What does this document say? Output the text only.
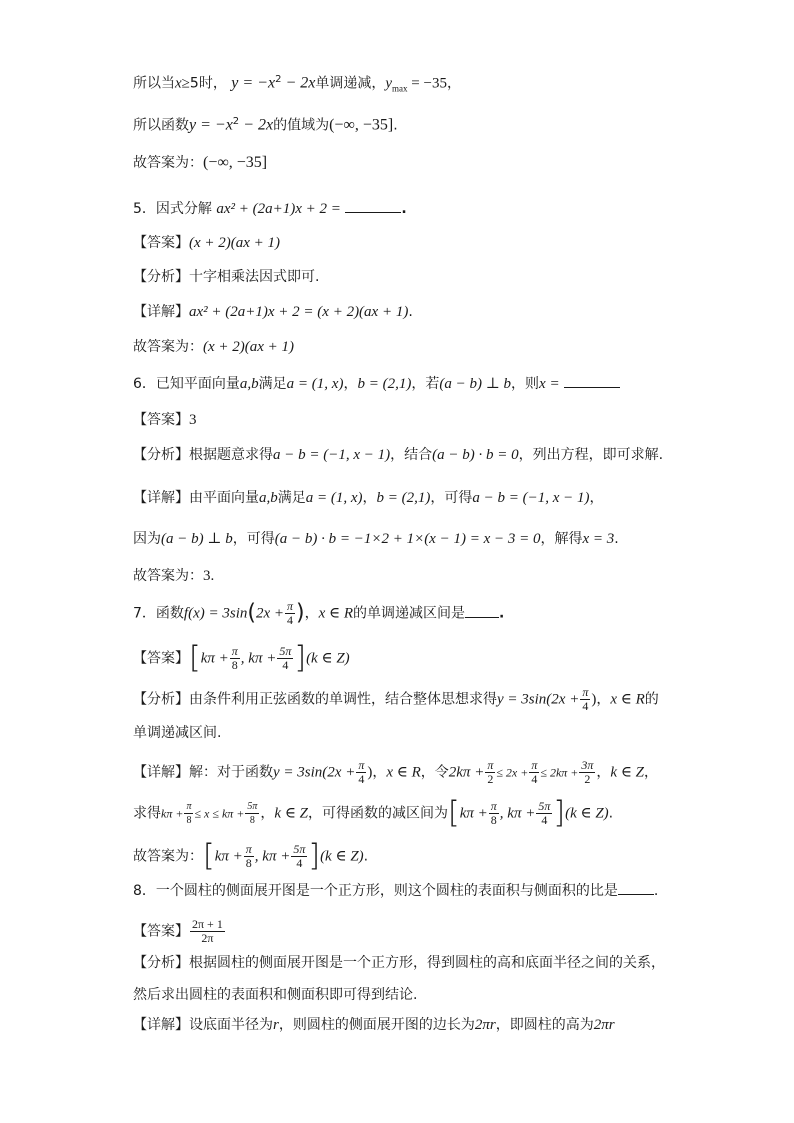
所以当x≥5时， $y = -x^2 - 2x$单调递减，$y_{max} = -35$，
所以函数$y = -x^2 - 2x$的值域为(−∞, −35].
故答案为：(−∞, −35]
5．因式分解 ax² + (2a+1)x + 2 =	.
【答案】(x + 2)(ax + 1)
【分析】十字相乘法因式即可.
【详解】ax² + (2a+1)x + 2 = (x + 2)(ax + 1).
故答案为：(x + 2)(ax + 1)
6．已知平面向量a,b满足a = (1, x)，b = (2,1)，若(a − b) ⊥ b，则x =
【答案】3
【分析】根据题意求得a − b = (−1, x − 1)，结合(a − b) · b = 0，列出方程，即可求解.
【详解】由平面向量a,b满足a = (1, x)，b = (2,1)，可得a − b = (−1, x − 1)，
因为(a − b) ⊥ b，可得(a − b) · b = −1×2 + 1×(x − 1) = x − 3 = 0，解得x = 3.
故答案为：3.
7．函数$f(x) = 3\sin(2x + \frac{\pi}{4}$ )，x ∈ R的单调递减区间是 .
【答案】[$k\pi + \frac{\pi}{8}$ , $k\pi + \frac{5\pi}{4} ](k$ ∈ Z)
【分析】由条件利用正弦函数的单调性，结合整体思想求得$y = 3\sin(2x + \frac{\pi}{4}$ )，x ∈ R的
单调递减区间.
【详解】解：对于函数$y = 3\sin(2x + \frac{\pi}{4}$ )，x ∈ R，令$2k\pi + \frac{\pi}{2} \le 2x + \frac{\pi}{4} \le 2k\pi + \frac{3\pi}{2}$ ，k ∈ Z，
求得$k\pi + \frac{\pi}{8} \le x \le k\pi + \frac{5\pi}{8}$ ，k ∈ Z，可得函数的减区间为[$k\pi + \frac{\pi}{8}$ , $k\pi + \frac{5\pi}{4} ](k$ ∈ Z).
故答案为：[$k\pi + \frac{\pi}{8}$ , $k\pi + \frac{5\pi}{4} ](k$ ∈ Z).
8．一个圆柱的侧面展开图是一个正方形，则这个圆柱的表面积与侧面积的比是	.
【答案】 $\frac{2\pi + 1}{2\pi}$
【分析】根据圆柱的侧面展开图是一个正方形，得到圆柱的高和底面半径之间的关系，
然后求出圆柱的表面积和侧面积即可得到结论.
【详解】设底面半径为r，则圆柱的侧面展开图的边长为2πr，即圆柱的高为2πr
